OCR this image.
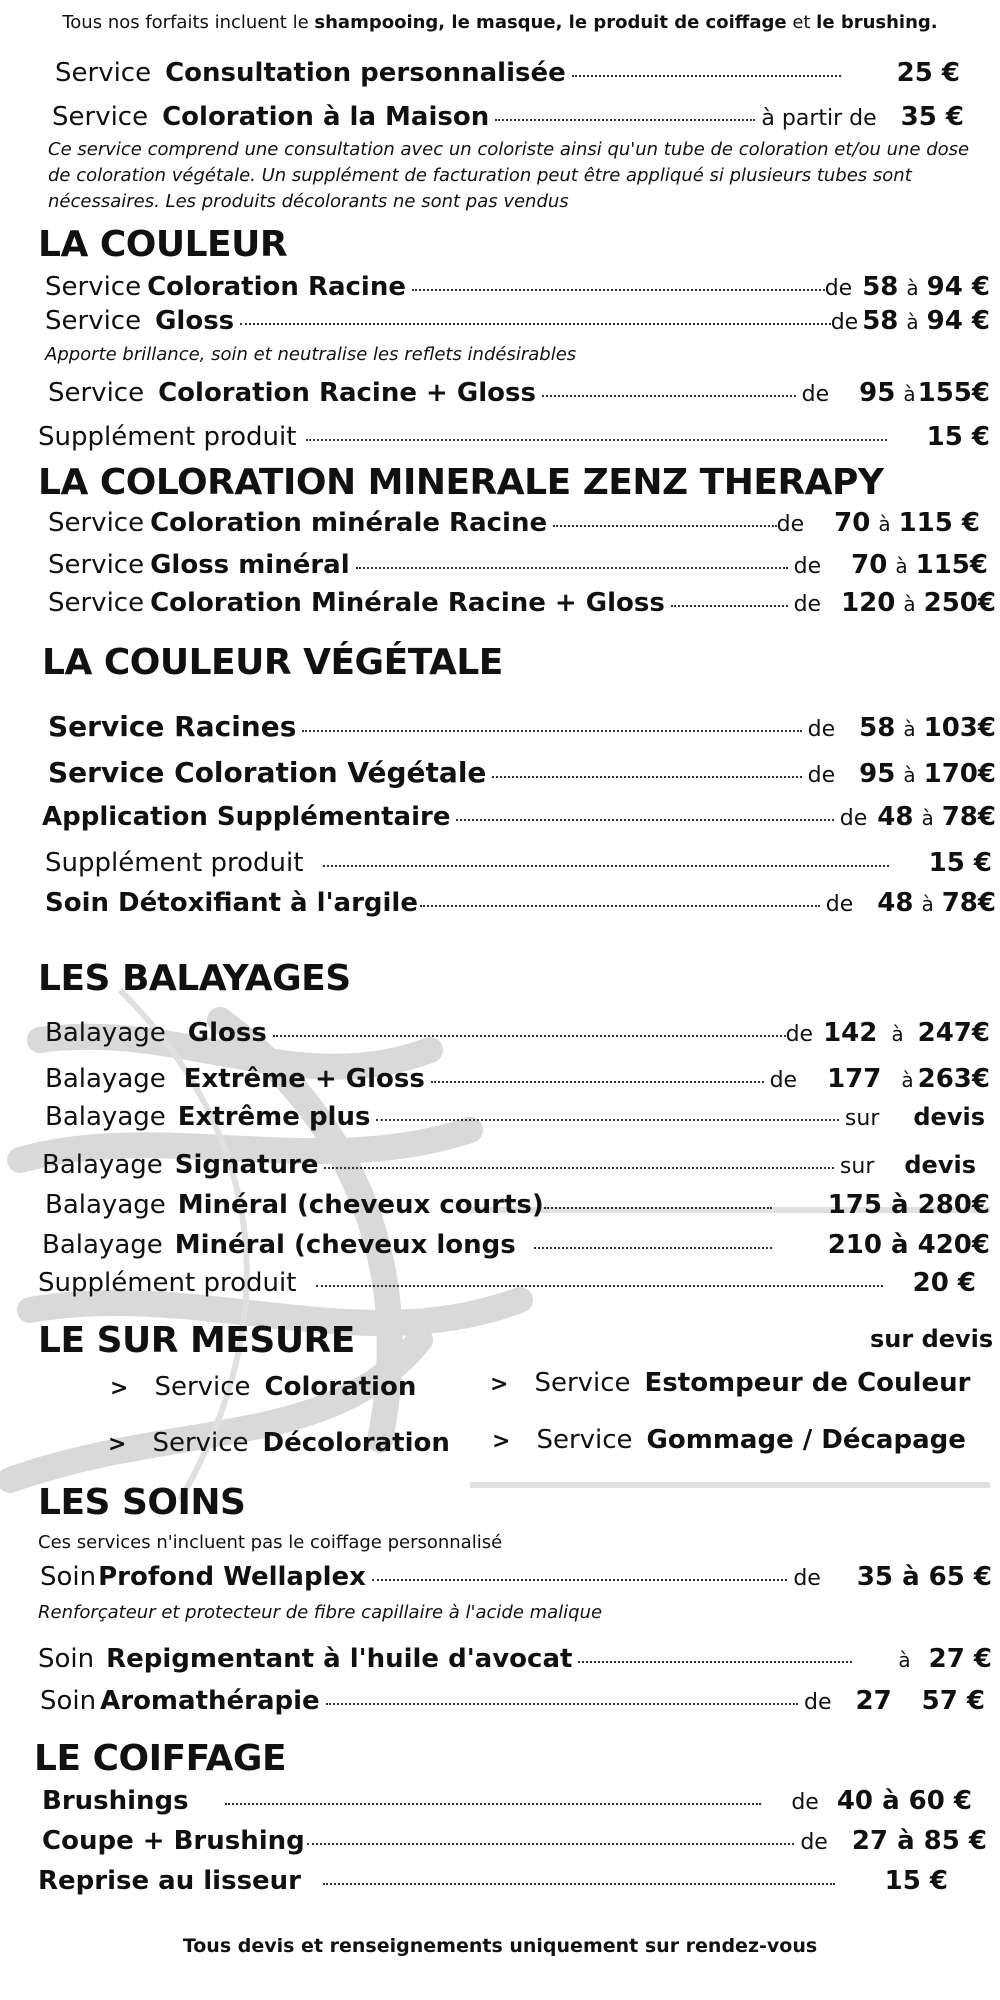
Tous nos forfaits incluent le shampooing, le masque, le produit de coiffage et le brushing.
Service Consultation personnalisée	25 €
Service Coloration à la Maison	à partir de 35 €
Ce service comprend une consultation avec un coloriste ainsi qu'un tube de coloration et/ou une dose de coloration végétale. Un supplément de facturation peut être appliqué si plusieurs tubes sont nécessaires. Les produits décolorants ne sont pas vendus
LA COULEUR
Service Coloration Racine	de 58 à 94 €
Service Gloss	de 58 à 94 €
Apporte brillance, soin et neutralise les reflets indésirables
Service Coloration Racine + Gloss	de 95 à 155€
Supplément produit	15 €
LA COLORATION MINERALE ZENZ THERAPY
Service Coloration minérale Racine	de 70 à 115 €
Service Gloss minéral	de 70 à 115€
Service Coloration Minérale Racine + Gloss	de 120 à 250€
LA COULEUR VÉGÉTALE
Service Racines	de 58 à 103€
Service Coloration Végétale	de 95 à 170€
Application Supplémentaire	de 48 à 78€
Supplément produit	15 €
Soin Détoxifiant à l'argile	de 48 à 78€
LES BALAYAGES
Balayage Gloss	de 142 à 247€
Balayage Extrême + Gloss	de 177 à 263€
Balayage Extrême plus	sur devis
Balayage Signature	sur devis
Balayage Minéral (cheveux courts)	175 à 280€
Balayage Minéral (cheveux longs	210 à 420€
Supplément produit	20 €
LE SUR MESURE	sur devis
> Service Coloration	> Service Estompeur de Couleur
> Service Décoloration > Service Gommage / Décapage
LES SOINS
Ces services n'incluent pas le coiffage personnalisé
Soin Profond Wellaplex	de 35 à 65 €
Renforçateur et protecteur de fibre capillaire à l'acide malique
Soin Repigmentant à l'huile d'avocat	à 27 €
Soin Aromathérapie	de 27 57 €
LE COIFFAGE
Brushings	de 40 à 60 €
Coupe + Brushing	de 27 à 85 €
Reprise au lisseur	15 €
Tous devis et renseignements uniquement sur rendez-vous
